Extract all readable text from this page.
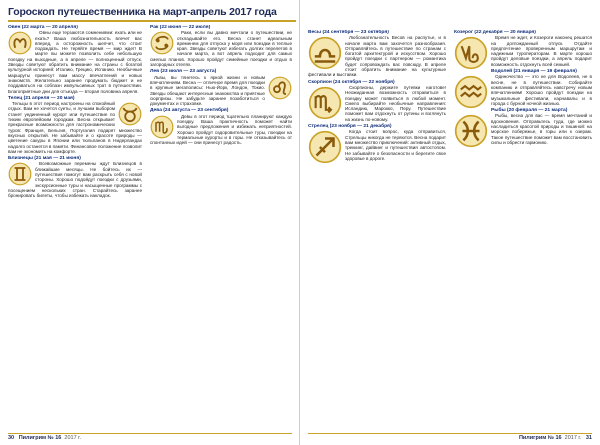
Гороскоп путешественника на март-апрель 2017 года
Овен (22 марта — 20 апреля)
Овны еще терзаются сомнениями: ехать или не ехать? Ваша любознательность влечет вас вперед, а осторожность шепчет, что стоит подождать. Не теряйте время — мир ждет! В марте вы можете позволить себе небольшую поездку на выходные, а в апреле — полноценный отпуск. Звезды советуют обратить внимание на страны с богатой культурной историей: Италию, Грецию, Испанию. Необычные маршруты принесут вам массу впечатлений и новых знакомств. Желательно заранее продумать бюджет и не поддаваться на соблазн импульсивных трат в путешествии. Благоприятные дни для отъезда — вторая половина апреля.
Телец (21 апреля — 20 мая)
Тельцы в этот период настроены на спокойный отдых. Вам не хочется суеты, и лучшим выбором станет уединенный курорт или путешествие по тихим европейским городкам. Весна открывает прекрасные возможности для гастрономических туров: Франция, Бельгия, Португалия подарят множество вкусных открытий. Не забывайте и о красоте природы — цветение сакуры в Японии или тюльпанов в Нидерландах надолго останется в памяти. Финансовое положение позволит вам не экономить на комфорте.
Близнецы (21 мая — 21 июня)
Всевозможные перемены ждут Близнецов в ближайшие месяцы. Не бойтесь их — путешествия помогут вам раскрыть себя с новой стороны. Хорошо подойдут поездки с друзьями, экскурсионные туры и насыщенные программы с посещением нескольких стран. Старайтесь заранее бронировать билеты, чтобы избежать накладок.
Рак (22 июня — 22 июля)
Раки, если вы давно мечтали о путешествии, не откладывайте его. Весна станет идеальным временем для отпуска у моря или поездки в теплые края. Звезды советуют избегать долгих перелетов в начале марта, а вот апрель подходит для самых смелых планов. Хорошо пройдут семейные поездки и отдых в загородных отелях.
Лев (23 июля — 23 августа)
Львы, вы тянетесь к яркой жизни и новым впечатлениям. Весна — отличное время для поездки в крупные мегаполисы: Нью-Йорк, Лондон, Токио. Звезды обещают интересные знакомства и приятные сюрпризы. Не забудьте заранее позаботиться о документах и страховке.
Дева (24 августа — 23 сентября)
Девы в этот период тщательно планируют каждую поездку. Ваша практичность поможет найти выгодные предложения и избежать неприятностей. Хорошо пройдут оздоровительные туры, поездки на термальные курорты и в горы. Не отказывайтесь от спонтанных идей — они принесут радость.
30 Пилигрим № 16 2017 г.
Весы (24 сентября — 23 октября)
Любознательность Весов на распутье, и в начале марта вам захочется разнообразия. Отправляйтесь в путешествие по странам с богатой архитектурой и искусством. Хорошо пройдут поездки с партнером — романтика будет сопровождать вас повсюду. В апреле стоит обратить внимание на культурные фестивали и выставки.
Скорпион (24 октября — 22 ноября)
Скорпионы, держите путевки наготове! Неожиданная возможность отправиться в поездку может появиться в любой момент. Смело выбирайте необычные направления: Исландию, Марокко, Перу. Путешествие поможет вам отдохнуть от рутины и взглянуть на жизнь по-новому.
Стрелец (23 ноября — 21 декабря)
Когда стоит вопрос, куда отправиться, Стрельцы никогда не теряются. Весна подарит вам множество приключений: активный отдых, треккинг, дайвинг и путешествия автостопом. Не забывайте о безопасности и берегите свое здоровье в дороге.
Козерог (22 декабря — 20 января)
Время не ждет, и Козероги наконец решатся на долгожданный отпуск. Отдайте предпочтение проверенным маршрутам и надежным туроператорам. В марте хорошо пройдут деловые поездки, а апрель подарит возможность отдохнуть всей семьей.
Водолей (21 января — 19 февраля)
Одиночество — это не для Водолеев, не в весне, не в путешествии. Собирайте компанию и отправляйтесь навстречу новым впечатлениям! Хорошо пройдут поездки на музыкальные фестивали, карнавалы и в города с бурной ночной жизнью.
Рыбы (20 февраля — 21 марта)
Рыбы, весна для вас — время мечтаний и вдохновения. Отправьтесь туда, где можно насладиться красотой природы и тишиной: на морское побережье, в горы или к озерам. Такое путешествие поможет вам восстановить силы и обрести гармонию.
Пилигрим № 16 2017 г. 31
